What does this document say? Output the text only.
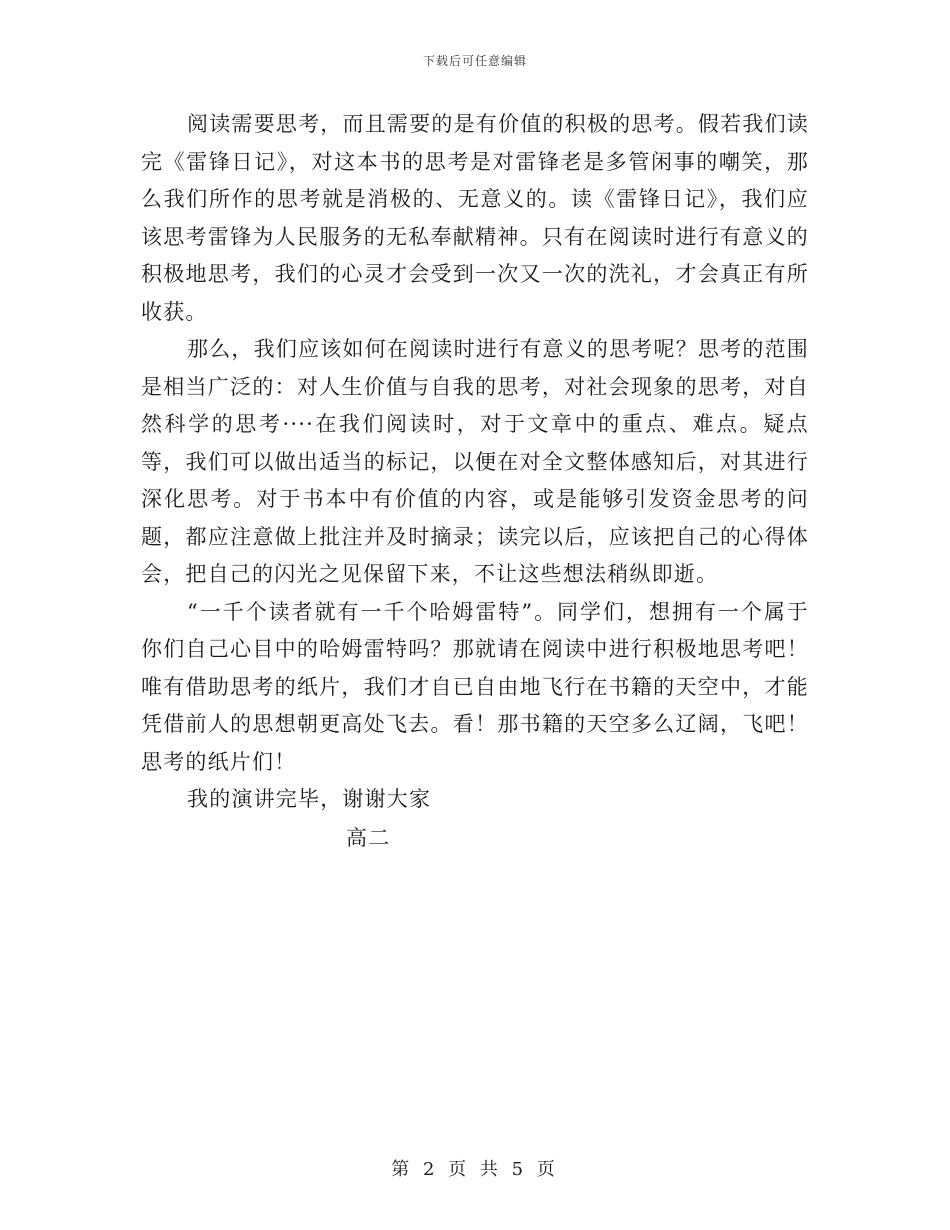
下载后可任意编辑

阅读需要思考，而且需要的是有价值的积极的思考。假若我们读完《雷锋日记》，对这本书的思考是对雷锋老是多管闲事的嘲笑，那么我们所作的思考就是消极的、无意义的。读《雷锋日记》，我们应该思考雷锋为人民服务的无私奉献精神。只有在阅读时进行有意义的积极地思考，我们的心灵才会受到一次又一次的洗礼，才会真正有所收获。

那么，我们应该如何在阅读时进行有意义的思考呢？思考的范围是相当广泛的：对人生价值与自我的思考，对社会现象的思考，对自然科学的思考····在我们阅读时，对于文章中的重点、难点。疑点等，我们可以做出适当的标记，以便在对全文整体感知后，对其进行深化思考。对于书本中有价值的内容，或是能够引发资金思考的问题，都应注意做上批注并及时摘录；读完以后，应该把自己的心得体会，把自己的闪光之见保留下来，不让这些想法稍纵即逝。

“一千个读者就有一千个哈姆雷特”。同学们，想拥有一个属于你们自己心目中的哈姆雷特吗？那就请在阅读中进行积极地思考吧！唯有借助思考的纸片，我们才自已自由地飞行在书籍的天空中，才能凭借前人的思想朝更高处飞去。看！那书籍的天空多么辽阔，飞吧！思考的纸片们！

我的演讲完毕，谢谢大家

高二

第 2 页 共 5 页
